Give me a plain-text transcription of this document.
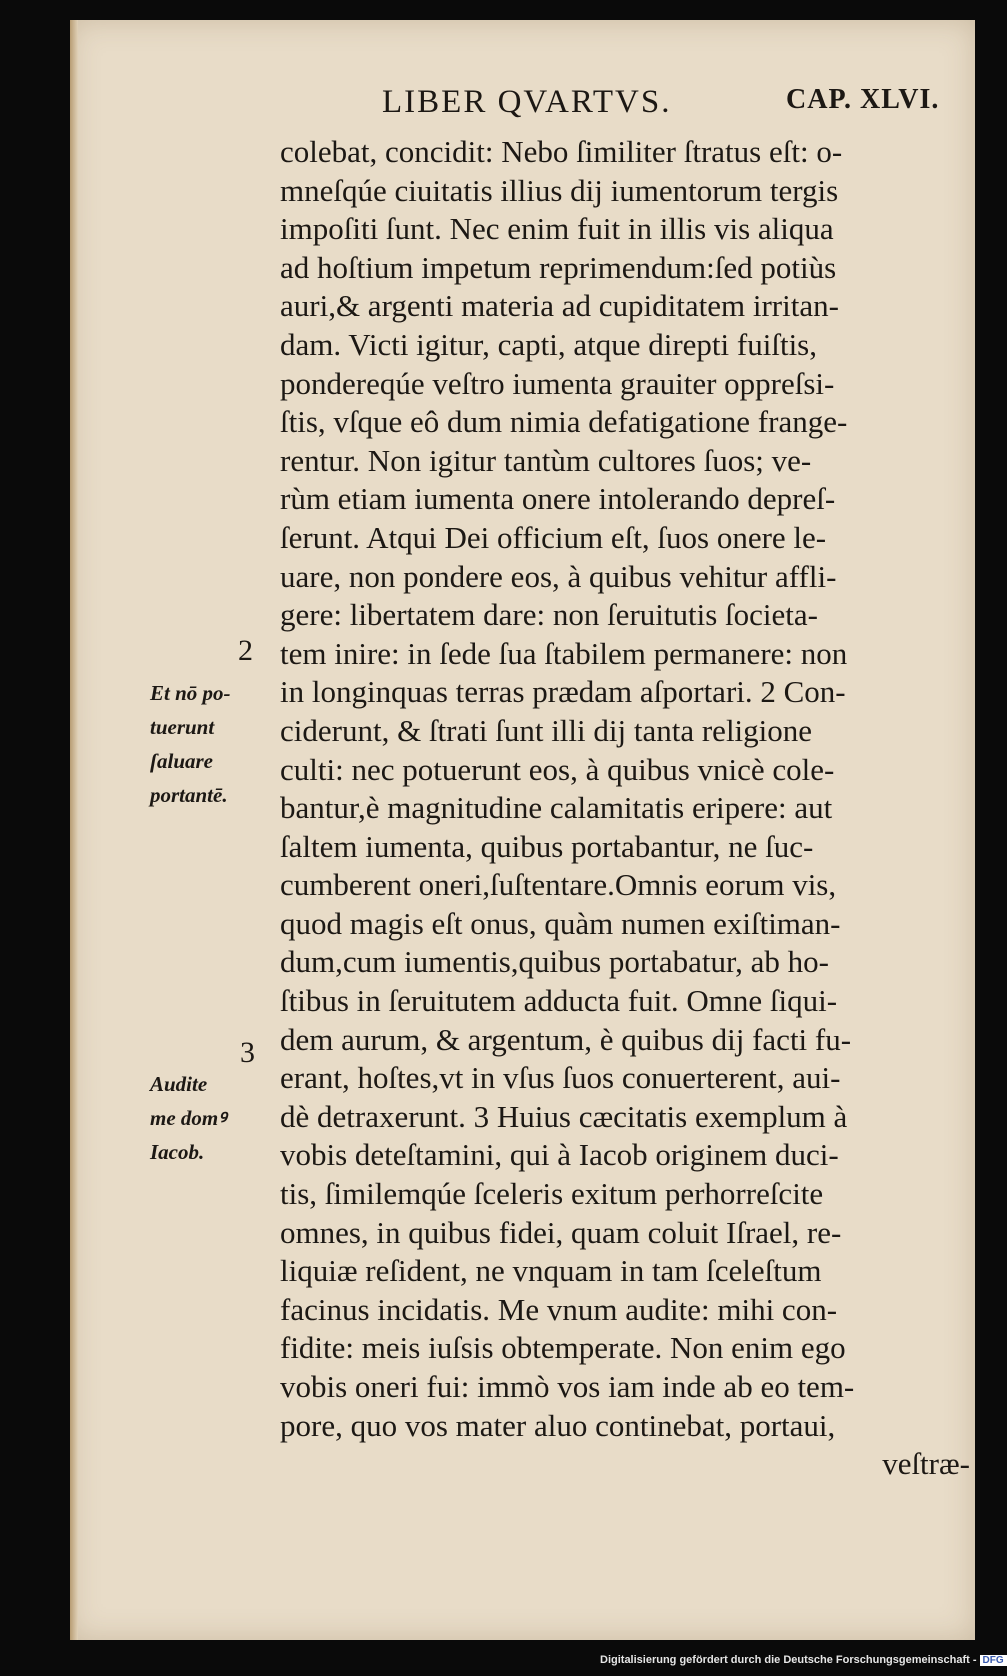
LIBER QVARTVS.	CAP. XLVI.
2
3
Et nō po-
tuerunt
ſaluare
portantē.
Audite
me domꝰ
Iacob.
colebat, concidit: Nebo ſimiliter ſtratus eſt: o-
mneſqúe ciuitatis illius dij iumentorum tergis
impoſiti ſunt. Nec enim fuit in illis vis aliqua
ad hoſtium impetum reprimendum:ſed potiùs
auri,& argenti materia ad cupiditatem irritan-
dam. Victi igitur, capti, atque direpti fuiſtis,
pondereqúe veſtro iumenta grauiter oppreſsi-
ſtis, vſque eô dum nimia defatigatione frange-
rentur. Non igitur tantùm cultores ſuos; ve-
rùm etiam iumenta onere intolerando depreſ-
ſerunt. Atqui Dei officium eſt, ſuos onere le-
uare, non pondere eos, à quibus vehitur affli-
gere: libertatem dare: non ſeruitutis ſocieta-
tem inire: in ſede ſua ſtabilem permanere: non
in longinquas terras prædam aſportari. 2 Con-
ciderunt, & ſtrati ſunt illi dij tanta religione
culti: nec potuerunt eos, à quibus vnicè cole-
bantur,è magnitudine calamitatis eripere: aut
ſaltem iumenta, quibus portabantur, ne ſuc-
cumberent oneri,ſuſtentare.Omnis eorum vis,
quod magis eſt onus, quàm numen exiſtiman-
dum,cum iumentis,quibus portabatur, ab ho-
ſtibus in ſeruitutem adducta fuit. Omne ſiqui-
dem aurum, & argentum, è quibus dij facti fu-
erant, hoſtes,vt in vſus ſuos conuerterent, aui-
dè detraxerunt. 3 Huius cæcitatis exemplum à
vobis deteſtamini, qui à Iacob originem duci-
tis, ſimilemqúe ſceleris exitum perhorreſcite
omnes, in quibus fidei, quam coluit Iſrael, re-
liquiæ reſident, ne vnquam in tam ſceleſtum
facinus incidatis. Me vnum audite: mihi con-
fidite: meis iuſsis obtemperate. Non enim ego
vobis oneri fui: immò vos iam inde ab eo tem-
pore, quo vos mater aluo continebat, portaui,
veſtræ-
Digitalisierung gefördert durch die Deutsche Forschungsgemeinschaft - DFG
